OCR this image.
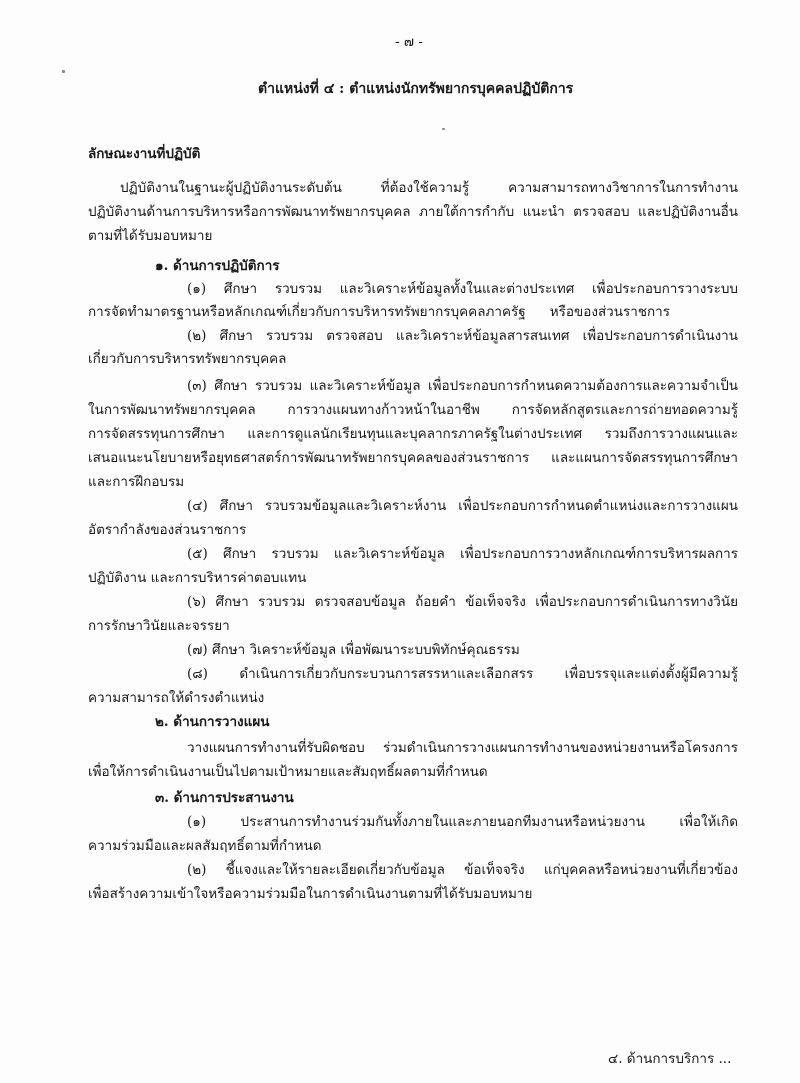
- ๗ -
ตำแหน่งที่ ๔ : ตำแหน่งนักทรัพยากรบุคคลปฏิบัติการ
ลักษณะงานที่ปฏิบัติ
ปฏิบัติงานในฐานะผู้ปฏิบัติงานระดับต้น ที่ต้องใช้ความรู้ ความสามารถทางวิชาการในการทำงาน
ปฏิบัติงานด้านการบริหารหรือการพัฒนาทรัพยากรบุคคล ภายใต้การกำกับ แนะนำ ตรวจสอบ และปฏิบัติงานอื่น
ตามที่ได้รับมอบหมาย
๑. ด้านการปฏิบัติการ
(๑) ศึกษา รวบรวม และวิเคราะห์ข้อมูลทั้งในและต่างประเทศ เพื่อประกอบการวางระบบ
การจัดทำมาตรฐานหรือหลักเกณฑ์เกี่ยวกับการบริหารทรัพยากรบุคคลภาครัฐ หรือของส่วนราชการ
(๒) ศึกษา รวบรวม ตรวจสอบ และวิเคราะห์ข้อมูลสารสนเทศ เพื่อประกอบการดำเนินงาน
เกี่ยวกับการบริหารทรัพยากรบุคคล
(๓) ศึกษา รวบรวม และวิเคราะห์ข้อมูล เพื่อประกอบการกำหนดความต้องการและความจำเป็น
ในการพัฒนาทรัพยากรบุคคล การวางแผนทางก้าวหน้าในอาชีพ การจัดหลักสูตรและการถ่ายทอดความรู้
การจัดสรรทุนการศึกษา และการดูแลนักเรียนทุนและบุคลากรภาครัฐในต่างประเทศ รวมถึงการวางแผนและ
เสนอแนะนโยบายหรือยุทธศาสตร์การพัฒนาทรัพยากรบุคคลของส่วนราชการ และแผนการจัดสรรทุนการศึกษา
และการฝึกอบรม
(๔) ศึกษา รวบรวมข้อมูลและวิเคราะห์งาน เพื่อประกอบการกำหนดตำแหน่งและการวางแผน
อัตรากำลังของส่วนราชการ
(๕) ศึกษา รวบรวม และวิเคราะห์ข้อมูล เพื่อประกอบการวางหลักเกณฑ์การบริหารผลการ
ปฏิบัติงาน และการบริหารค่าตอบแทน
(๖) ศึกษา รวบรวม ตรวจสอบข้อมูล ถ้อยคำ ข้อเท็จจริง เพื่อประกอบการดำเนินการทางวินัย
การรักษาวินัยและจรรยา
(๗) ศึกษา วิเคราะห์ข้อมูล เพื่อพัฒนาระบบพิทักษ์คุณธรรม
(๘) ดำเนินการเกี่ยวกับกระบวนการสรรหาและเลือกสรร เพื่อบรรจุและแต่งตั้งผู้มีความรู้
ความสามารถให้ดำรงตำแหน่ง
๒. ด้านการวางแผน
วางแผนการทำงานที่รับผิดชอบ ร่วมดำเนินการวางแผนการทำงานของหน่วยงานหรือโครงการ
เพื่อให้การดำเนินงานเป็นไปตามเป้าหมายและสัมฤทธิ์ผลตามที่กำหนด
๓. ด้านการประสานงาน
(๑) ประสานการทำงานร่วมกันทั้งภายในและภายนอกทีมงานหรือหน่วยงาน เพื่อให้เกิด
ความร่วมมือและผลสัมฤทธิ์ตามที่กำหนด
(๒) ชี้แจงและให้รายละเอียดเกี่ยวกับข้อมูล ข้อเท็จจริง แก่บุคคลหรือหน่วยงานที่เกี่ยวข้อง
เพื่อสร้างความเข้าใจหรือความร่วมมือในการดำเนินงานตามที่ได้รับมอบหมาย
๔. ด้านการบริการ ...
